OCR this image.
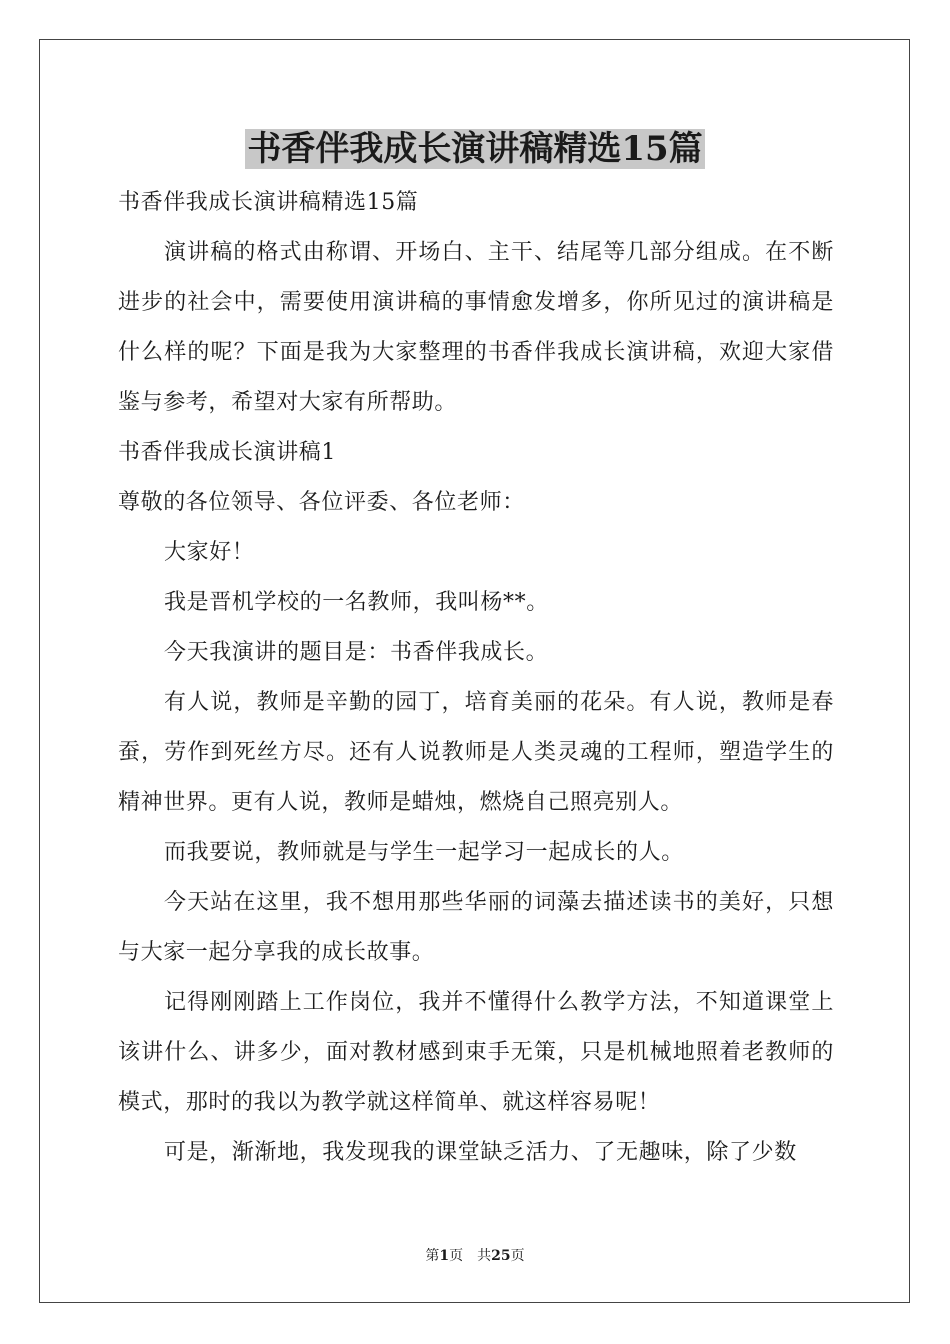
书香伴我成长演讲稿精选15篇

书香伴我成长演讲稿精选15篇

演讲稿的格式由称谓、开场白、主干、结尾等几部分组成。在不断进步的社会中，需要使用演讲稿的事情愈发增多，你所见过的演讲稿是什么样的呢？下面是我为大家整理的书香伴我成长演讲稿，欢迎大家借鉴与参考，希望对大家有所帮助。

书香伴我成长演讲稿1

尊敬的各位领导、各位评委、各位老师：

大家好！

我是晋机学校的一名教师，我叫杨**。

今天我演讲的题目是：书香伴我成长。

有人说，教师是辛勤的园丁，培育美丽的花朵。有人说，教师是春蚕，劳作到死丝方尽。还有人说教师是人类灵魂的工程师，塑造学生的精神世界。更有人说，教师是蜡烛，燃烧自己照亮别人。

而我要说，教师就是与学生一起学习一起成长的人。

今天站在这里，我不想用那些华丽的词藻去描述读书的美好，只想与大家一起分享我的成长故事。

记得刚刚踏上工作岗位，我并不懂得什么教学方法，不知道课堂上该讲什么、讲多少，面对教材感到束手无策，只是机械地照着老教师的模式，那时的我以为教学就这样简单、就这样容易呢！

可是，渐渐地，我发现我的课堂缺乏活力、了无趣味，除了少数

第1页 共25页
